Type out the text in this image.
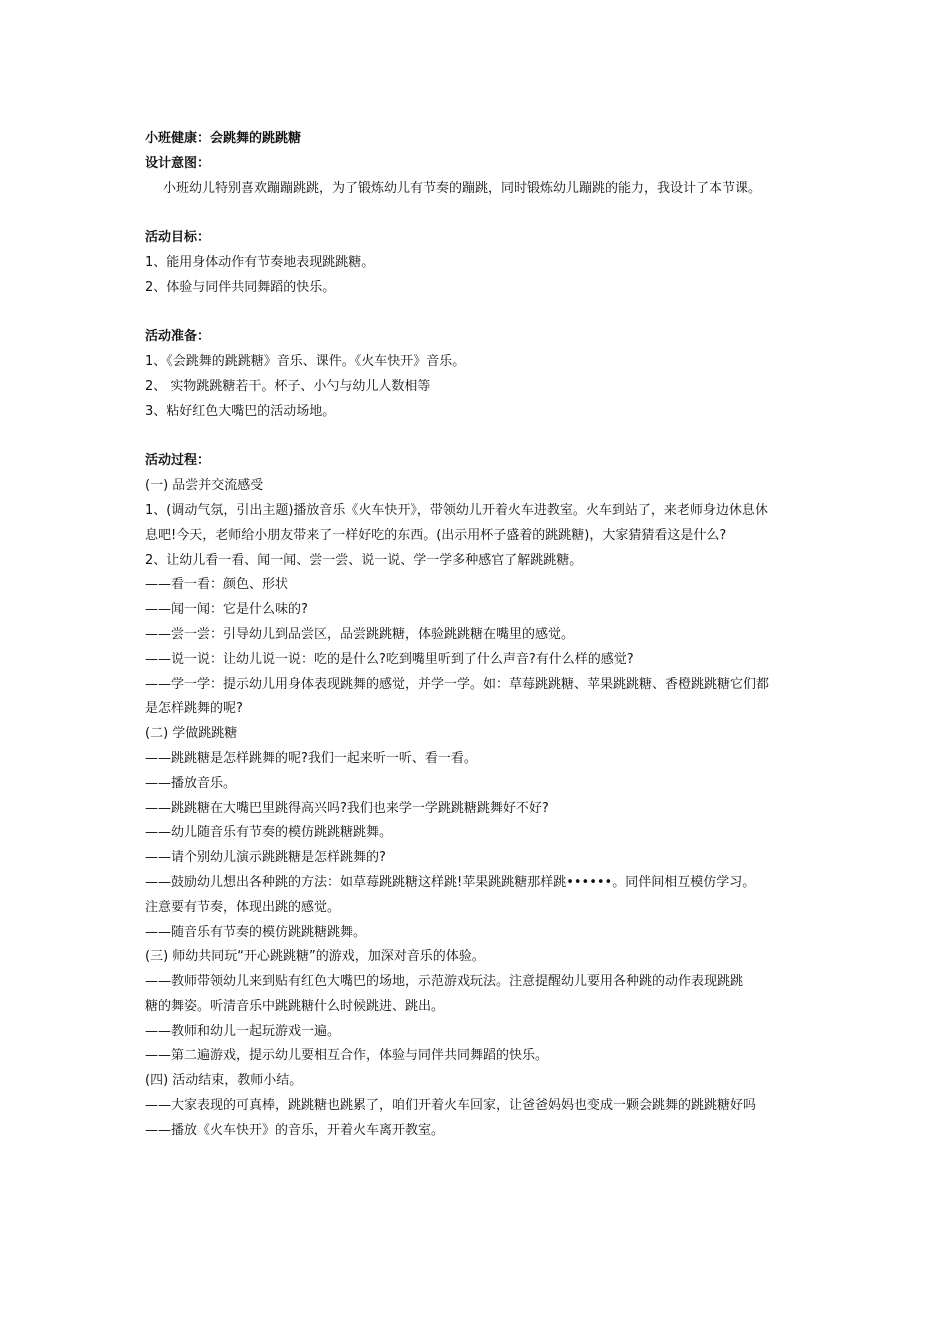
小班健康：会跳舞的跳跳糖
设计意图：
小班幼儿特别喜欢蹦蹦跳跳，为了锻炼幼儿有节奏的蹦跳，同时锻炼幼儿蹦跳的能力，我设计了本节课。
活动目标：
1、能用身体动作有节奏地表现跳跳糖。
2、体验与同伴共同舞蹈的快乐。
活动准备：
1、《会跳舞的跳跳糖》音乐、课件。《火车快开》音乐。
2、 实物跳跳糖若干。杯子、小勺与幼儿人数相等
3、粘好红色大嘴巴的活动场地。
活动过程：
(一) 品尝并交流感受
1、(调动气氛，引出主题)播放音乐《火车快开》，带领幼儿开着火车进教室。火车到站了，来老师身边休息休
息吧!今天，老师给小朋友带来了一样好吃的东西。(出示用杯子盛着的跳跳糖)，大家猜猜看这是什么?
2、让幼儿看一看、闻一闻、尝一尝、说一说、学一学多种感官了解跳跳糖。
——看一看：颜色、形状
——闻一闻：它是什么味的?
——尝一尝：引导幼儿到品尝区，品尝跳跳糖，体验跳跳糖在嘴里的感觉。
——说一说：让幼儿说一说：吃的是什么?吃到嘴里听到了什么声音?有什么样的感觉?
——学一学：提示幼儿用身体表现跳舞的感觉，并学一学。如：草莓跳跳糖、苹果跳跳糖、香橙跳跳糖它们都
是怎样跳舞的呢?
(二) 学做跳跳糖
——跳跳糖是怎样跳舞的呢?我们一起来听一听、看一看。
——播放音乐。
——跳跳糖在大嘴巴里跳得高兴吗?我们也来学一学跳跳糖跳舞好不好?
——幼儿随音乐有节奏的模仿跳跳糖跳舞。
——请个别幼儿演示跳跳糖是怎样跳舞的?
——鼓励幼儿想出各种跳的方法：如草莓跳跳糖这样跳!苹果跳跳糖那样跳••••••。同伴间相互模仿学习。
注意要有节奏，体现出跳的感觉。
——随音乐有节奏的模仿跳跳糖跳舞。
(三) 师幼共同玩“开心跳跳糖”的游戏，加深对音乐的体验。
——教师带领幼儿来到贴有红色大嘴巴的场地，示范游戏玩法。注意提醒幼儿要用各种跳的动作表现跳跳
糖的舞姿。听清音乐中跳跳糖什么时候跳进、跳出。
——教师和幼儿一起玩游戏一遍。
——第二遍游戏，提示幼儿要相互合作，体验与同伴共同舞蹈的快乐。
(四) 活动结束，教师小结。
——大家表现的可真棒，跳跳糖也跳累了，咱们开着火车回家，让爸爸妈妈也变成一颗会跳舞的跳跳糖好吗
——播放《火车快开》的音乐，开着火车离开教室。
